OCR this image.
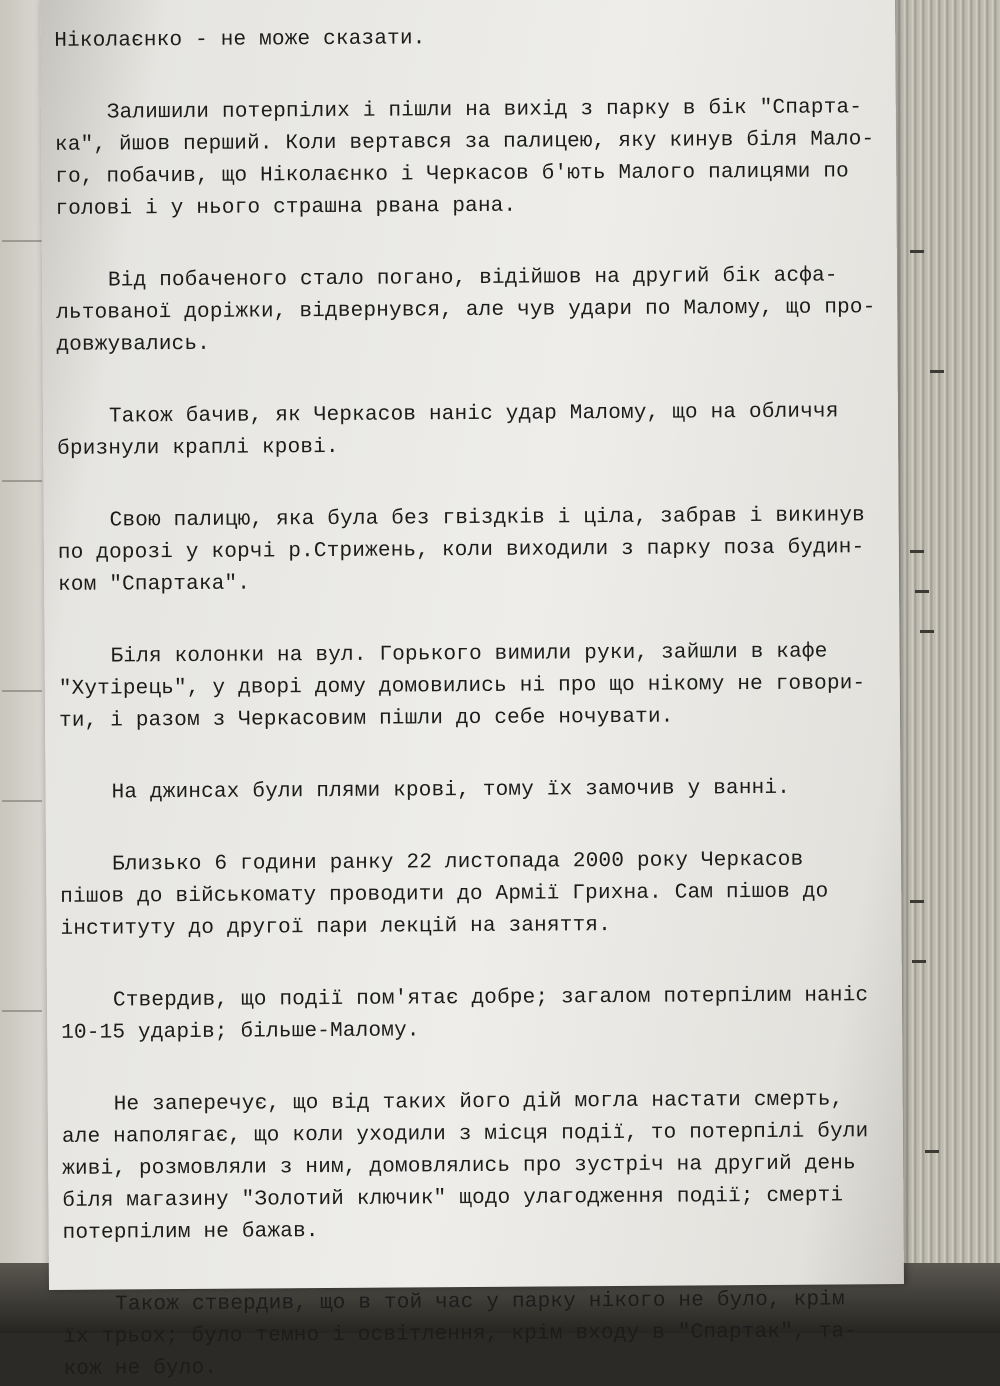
Ніколаєнко - не може сказати.

Залишили потерпілих і пішли на вихід з парку в бік "Спарта-
ка", йшов перший. Коли вертався за палицею, яку кинув біля Мало-
го, побачив, що Ніколаєнко і Черкасов б'ють Малого палицями по
голові і у нього страшна рвана рана.

Від побаченого стало погано, відійшов на другий бік асфа-
льтованої доріжки, відвернувся, але чув удари по Малому, що про-
довжувались.

Також бачив, як Черкасов наніс удар Малому, що на обличчя
бризнули краплі крові.

Свою палицю, яка була без гвіздків і ціла, забрав і викинув
по дорозі у корчі р.Стрижень, коли виходили з парку поза будин-
ком "Спартака".

Біля колонки на вул. Горького вимили руки, зайшли в кафе
"Хутірець", у дворі дому домовились ні про що нікому не говори-
ти, і разом з Черкасовим пішли до себе ночувати.

На джинсах були плями крові, тому їх замочив у ванні.

Близько 6 години ранку 22 листопада 2000 року Черкасов
пішов до військомату проводити до Армії Грихна. Сам пішов до
інституту до другої пари лекцій на заняття.

Ствердив, що події пом'ятає добре; загалом потерпілим наніс
10-15 ударів; більше-Малому.

Не заперечує, що від таких його дій могла настати смерть,
але наполягає, що коли уходили з місця події, то потерпілі були
живі, розмовляли з ним, домовлялись про зустріч на другий день
біля магазину "Золотий ключик" щодо улагодження події; смерті
потерпілим не бажав.

Також ствердив, що в той час у парку нікого не було, крім
їх трьох; було темно і освітлення, крім входу в "Спартак", та-
кож не було.
